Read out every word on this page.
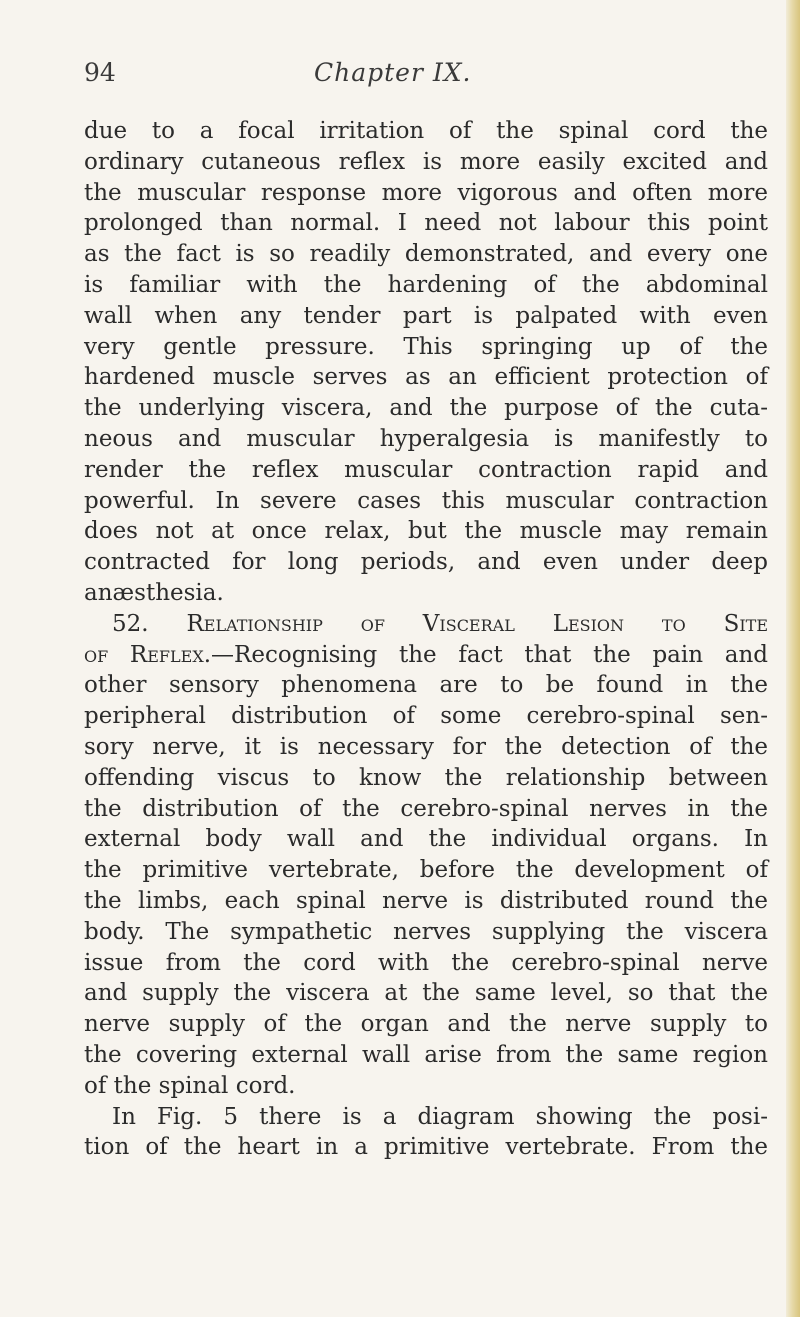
94	Chapter IX.
due to a focal irritation of the spinal cord the
ordinary cutaneous reflex is more easily excited and
the muscular response more vigorous and often more
prolonged than normal. I need not labour this point
as the fact is so readily demonstrated, and every one
is familiar with the hardening of the abdominal
wall when any tender part is palpated with even
very gentle pressure. This springing up of the
hardened muscle serves as an efficient protection of
the underlying viscera, and the purpose of the cuta-
neous and muscular hyperalgesia is manifestly to
render the reflex muscular contraction rapid and
powerful. In severe cases this muscular contraction
does not at once relax, but the muscle may remain
contracted for long periods, and even under deep
anæsthesia.
52. Relationship of Visceral Lesion to Site
of Reflex.—Recognising the fact that the pain and
other sensory phenomena are to be found in the
peripheral distribution of some cerebro-spinal sen-
sory nerve, it is necessary for the detection of the
offending viscus to know the relationship between
the distribution of the cerebro-spinal nerves in the
external body wall and the individual organs. In
the primitive vertebrate, before the development of
the limbs, each spinal nerve is distributed round the
body. The sympathetic nerves supplying the viscera
issue from the cord with the cerebro-spinal nerve
and supply the viscera at the same level, so that the
nerve supply of the organ and the nerve supply to
the covering external wall arise from the same region
of the spinal cord.
In Fig. 5 there is a diagram showing the posi-
tion of the heart in a primitive vertebrate. From the
